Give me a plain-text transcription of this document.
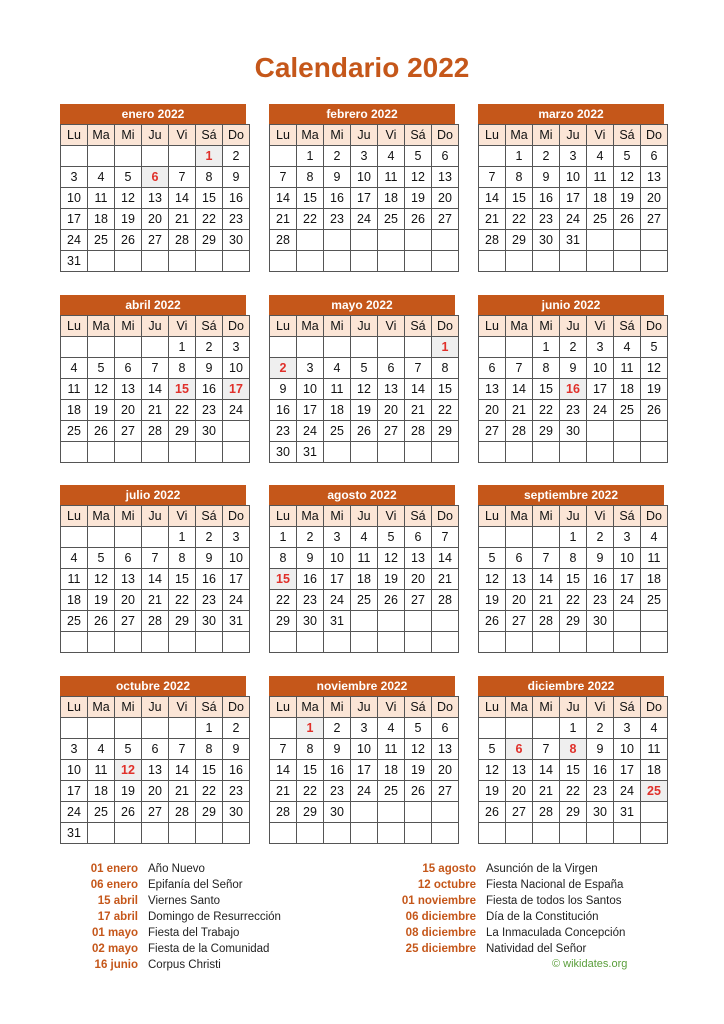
Calendario 2022
enero 2022
Lu	Ma	Mi	Ju	Vi	Sá	Do
					1	2
3	4	5	6	7	8	9
10	11	12	13	14	15	16
17	18	19	20	21	22	23
24	25	26	27	28	29	30
31						
febrero 2022
Lu	Ma	Mi	Ju	Vi	Sá	Do
	1	2	3	4	5	6
7	8	9	10	11	12	13
14	15	16	17	18	19	20
21	22	23	24	25	26	27
28						

marzo 2022
Lu	Ma	Mi	Ju	Vi	Sá	Do
	1	2	3	4	5	6
7	8	9	10	11	12	13
14	15	16	17	18	19	20
21	22	23	24	25	26	27
28	29	30	31			

abril 2022
Lu	Ma	Mi	Ju	Vi	Sá	Do
				1	2	3
4	5	6	7	8	9	10
11	12	13	14	15	16	17
18	19	20	21	22	23	24
25	26	27	28	29	30	

mayo 2022
Lu	Ma	Mi	Ju	Vi	Sá	Do
						1
2	3	4	5	6	7	8
9	10	11	12	13	14	15
16	17	18	19	20	21	22
23	24	25	26	27	28	29
30	31					
junio 2022
Lu	Ma	Mi	Ju	Vi	Sá	Do
		1	2	3	4	5
6	7	8	9	10	11	12
13	14	15	16	17	18	19
20	21	22	23	24	25	26
27	28	29	30			

julio 2022
Lu	Ma	Mi	Ju	Vi	Sá	Do
				1	2	3
4	5	6	7	8	9	10
11	12	13	14	15	16	17
18	19	20	21	22	23	24
25	26	27	28	29	30	31

agosto 2022
Lu	Ma	Mi	Ju	Vi	Sá	Do
1	2	3	4	5	6	7
8	9	10	11	12	13	14
15	16	17	18	19	20	21
22	23	24	25	26	27	28
29	30	31				

septiembre 2022
Lu	Ma	Mi	Ju	Vi	Sá	Do
			1	2	3	4
5	6	7	8	9	10	11
12	13	14	15	16	17	18
19	20	21	22	23	24	25
26	27	28	29	30		

octubre 2022
Lu	Ma	Mi	Ju	Vi	Sá	Do
					1	2
3	4	5	6	7	8	9
10	11	12	13	14	15	16
17	18	19	20	21	22	23
24	25	26	27	28	29	30
31						
noviembre 2022
Lu	Ma	Mi	Ju	Vi	Sá	Do
	1	2	3	4	5	6
7	8	9	10	11	12	13
14	15	16	17	18	19	20
21	22	23	24	25	26	27
28	29	30				

diciembre 2022
Lu	Ma	Mi	Ju	Vi	Sá	Do
			1	2	3	4
5	6	7	8	9	10	11
12	13	14	15	16	17	18
19	20	21	22	23	24	25
26	27	28	29	30	31	

01 enero Año Nuevo
06 enero Epifanía del Señor
15 abril Viernes Santo
17 abril Domingo de Resurrección
01 mayo Fiesta del Trabajo
02 mayo Fiesta de la Comunidad
16 junio Corpus Christi
15 agosto Asunción de la Virgen
12 octubre Fiesta Nacional de España
01 noviembre Fiesta de todos los Santos
06 diciembre Día de la Constitución
08 diciembre La Inmaculada Concepción
25 diciembre Natividad del Señor
© wikidates.org
